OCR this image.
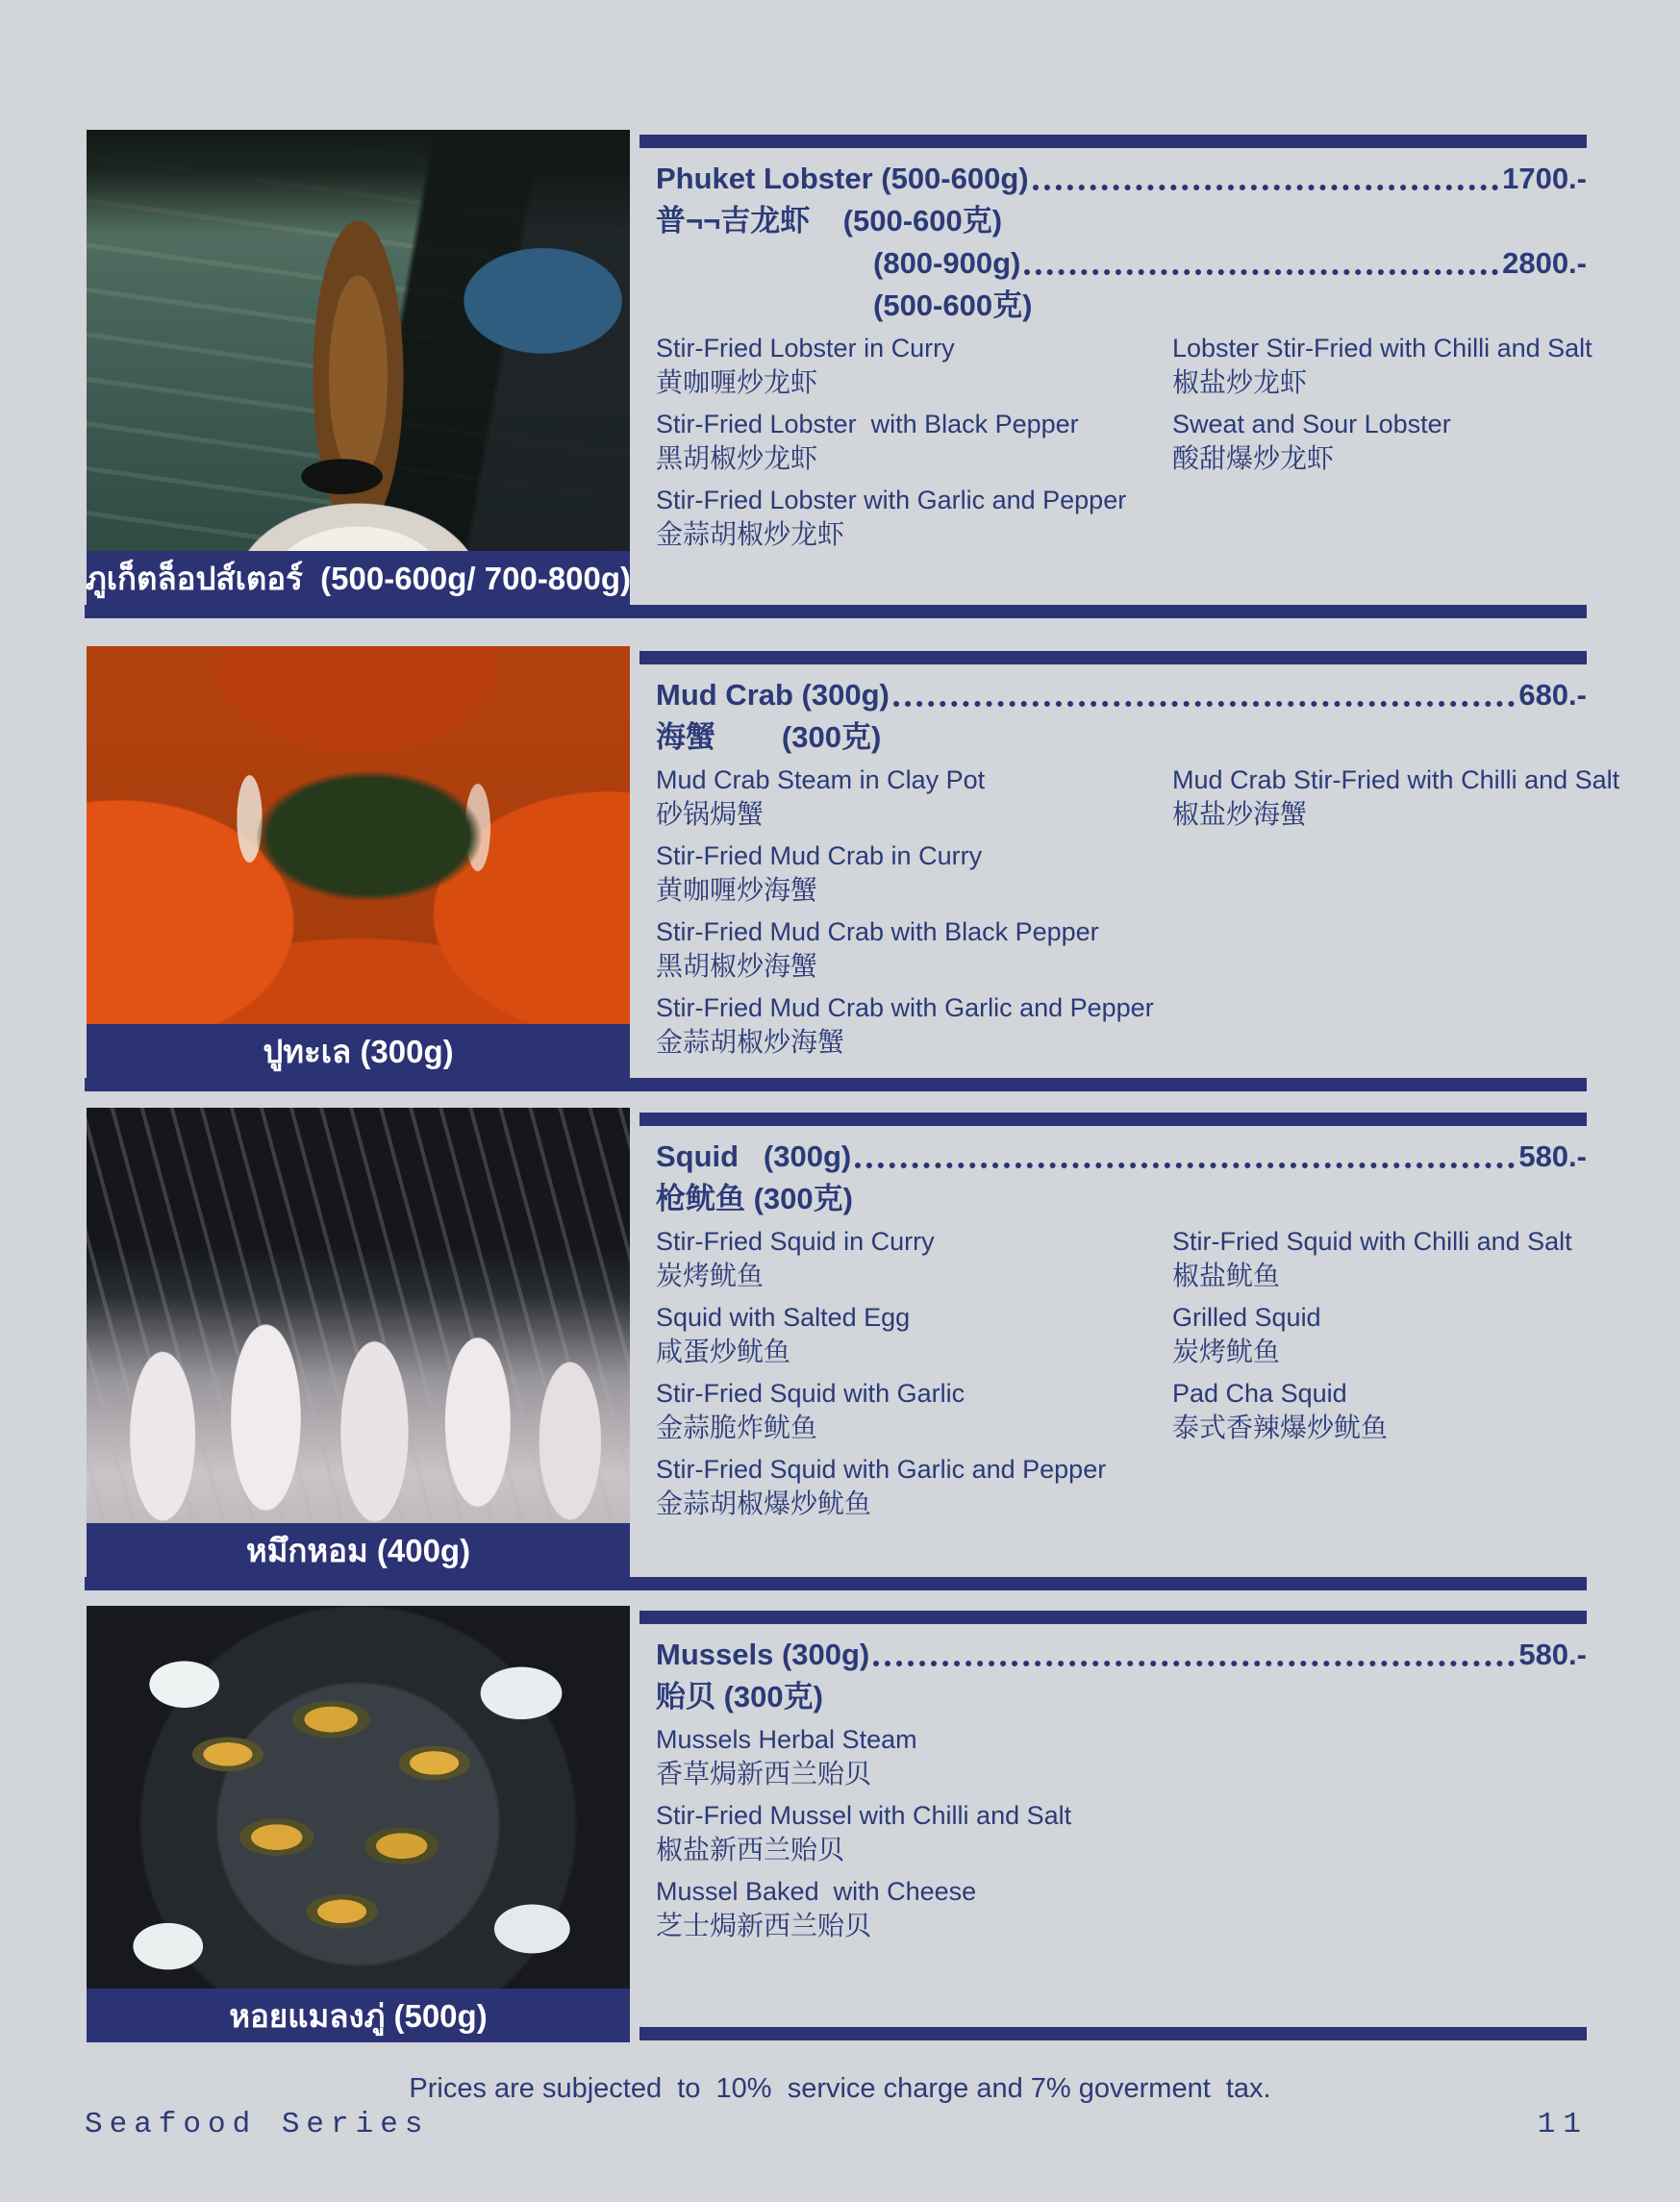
ภูเก็ตล็อปส์เตอร์  (500-600g/ 700-800g)
Phuket Lobster (500-600g)	1700.-
普¬¬吉龙虾    (500-600克)
(800-900g)	2800.-
(500-600克)
Stir-Fried Lobster in Curry
黄咖喱炒龙虾
Stir-Fried Lobster  with Black Pepper
黑胡椒炒龙虾
Stir-Fried Lobster with Garlic and Pepper
金蒜胡椒炒龙虾
Lobster Stir-Fried with Chilli and Salt
椒盐炒龙虾
Sweat and Sour Lobster
酸甜爆炒龙虾
ปูทะเล (300g)
Mud Crab (300g)	680.-
海蟹        (300克)
Mud Crab Steam in Clay Pot
砂锅焗蟹
Stir-Fried Mud Crab in Curry
黄咖喱炒海蟹
Stir-Fried Mud Crab with Black Pepper
黑胡椒炒海蟹
Stir-Fried Mud Crab with Garlic and Pepper
金蒜胡椒炒海蟹
Mud Crab Stir-Fried with Chilli and Salt
椒盐炒海蟹
หมึกหอม (400g)
Squid   (300g)	580.-
枪鱿鱼 (300克)
Stir-Fried Squid in Curry
炭烤鱿鱼
Squid with Salted Egg
咸蛋炒鱿鱼
Stir-Fried Squid with Garlic
金蒜脆炸鱿鱼
Stir-Fried Squid with Garlic and Pepper
金蒜胡椒爆炒鱿鱼
Stir-Fried Squid with Chilli and Salt
椒盐鱿鱼
Grilled Squid
炭烤鱿鱼
Pad Cha Squid
泰式香辣爆炒鱿鱼
หอยแมลงภู่ (500g)
Mussels (300g)	580.-
贻贝 (300克)
Mussels Herbal Steam
香草焗新西兰贻贝
Stir-Fried Mussel with Chilli and Salt
椒盐新西兰贻贝
Mussel Baked  with Cheese
芝士焗新西兰贻贝
Prices are subjected  to  10%  service charge and 7% goverment  tax.
Seafood Series	11
